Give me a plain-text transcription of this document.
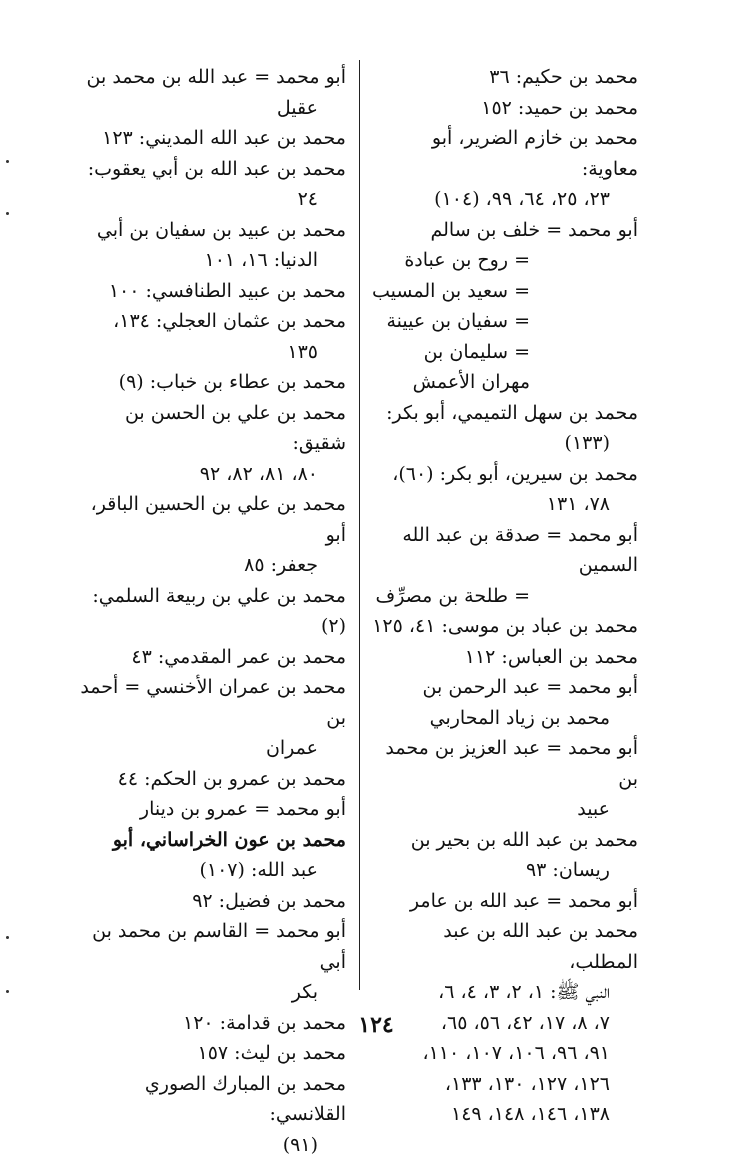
محمد بن حكيم: ٣٦
محمد بن حميد: ١٥٢
محمد بن خازم الضرير، أبو معاوية:
٢٣، ٢٥، ٦٤، ٩٩، (١٠٤)
أبو محمد = خلف بن سالم
= روح بن عبادة
= سعيد بن المسيب
= سفيان بن عيينة
= سليمان بن مهران الأعمش
محمد بن سهل التميمي، أبو بكر:
(١٣٣)
محمد بن سيرين، أبو بكر: (٦٠)،
٧٨، ١٣١
أبو محمد = صدقة بن عبد الله السمين
= طلحة بن مصرِّف
محمد بن عباد بن موسى: ٤١، ١٢٥
محمد بن العباس: ١١٢
أبو محمد = عبد الرحمن بن
محمد بن زياد المحاربي
أبو محمد = عبد العزيز بن محمد بن
عبيد
محمد بن عبد الله بن بحير بن
ريسان: ٩٣
أبو محمد = عبد الله بن عامر
محمد بن عبد الله بن عبد المطلب،
النبي ﷺ: ١، ٢، ٣، ٤، ٦،
٧، ٨، ١٧، ٤٢، ٥٦، ٦٥،
٩١، ٩٦، ١٠٦، ١٠٧، ١١٠،
١٢٦، ١٢٧، ١٣٠، ١٣٣،
١٣٨، ١٤٦، ١٤٨، ١٤٩
أبو محمد = عبد الله بن محمد بن
عقيل
محمد بن عبد الله المديني: ١٢٣
محمد بن عبد الله بن أبي يعقوب:
٢٤
محمد بن عبيد بن سفيان بن أبي
الدنيا: ١٦، ١٠١
محمد بن عبيد الطنافسي: ١٠٠
محمد بن عثمان العجلي: ١٣٤،
١٣٥
محمد بن عطاء بن خباب: (٩)
محمد بن علي بن الحسن بن شقيق:
٨٠، ٨١، ٨٢، ٩٢
محمد بن علي بن الحسين الباقر، أبو
جعفر: ٨٥
محمد بن علي بن ربيعة السلمي: (٢)
محمد بن عمر المقدمي: ٤٣
محمد بن عمران الأخنسي = أحمد بن
عمران
محمد بن عمرو بن الحكم: ٤٤
أبو محمد = عمرو بن دينار
محمد بن عون الخراساني، أبو
عبد الله: (١٠٧)
محمد بن فضيل: ٩٢
أبو محمد = القاسم بن محمد بن أبي
بكر
محمد بن قدامة: ١٢٠
محمد بن ليث: ١٥٧
محمد بن المبارك الصوري القلانسي:
(٩١)
١٢٤
